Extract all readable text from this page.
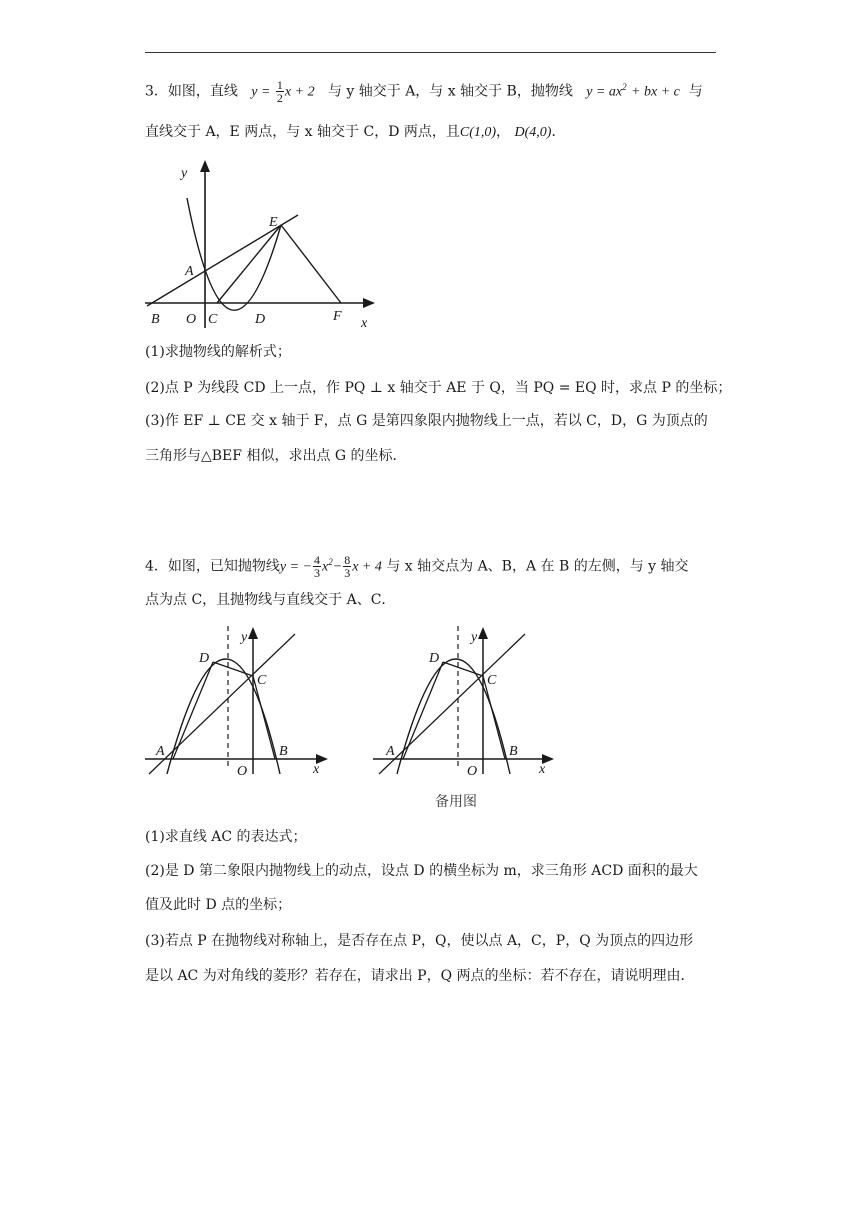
3．如图，直线 $y = \frac{1}{2}$ x + 2 与 y 轴交于 A，与 x 轴交于 B，抛物线 $y = ax^2$ + bx + c 与
直线交于 A，E 两点，与 x 轴交于 C，D 两点，且C(1,0)， D(4,0)．
y
E
A
B O C	D	F x
(1)求抛物线的解析式；
(2)点 P 为线段 CD 上一点，作 PQ ⊥ x 轴交于 AE 于 Q，当 PQ = EQ 时，求点 P 的坐标；
(3)作 EF ⊥ CE 交 x 轴于 F，点 G 是第四象限内抛物线上一点，若以 C，D，G 为顶点的
三角形与△BEF 相似，求出点 G 的坐标．
4．如图，已知抛物线y = − $\frac{4}{3} x^2- \frac{8}{3}$ x + 4 与 x 轴交点为 A、B，A 在 B 的左侧，与 y 轴交
点为点 C，且抛物线与直线交于 A、C．
y
D
C
A	B
O	x
y
D
C
A	B
O	x
备用图
(1)求直线 AC 的表达式；
(2)是 D 第二象限内抛物线上的动点，设点 D 的横坐标为 m，求三角形 ACD 面积的最大
值及此时 D 点的坐标；
(3)若点 P 在抛物线对称轴上，是否存在点 P，Q，使以点 A，C，P，Q 为顶点的四边形
是以 AC 为对角线的菱形？若存在，请求出 P，Q 两点的坐标：若不存在，请说明理由．
